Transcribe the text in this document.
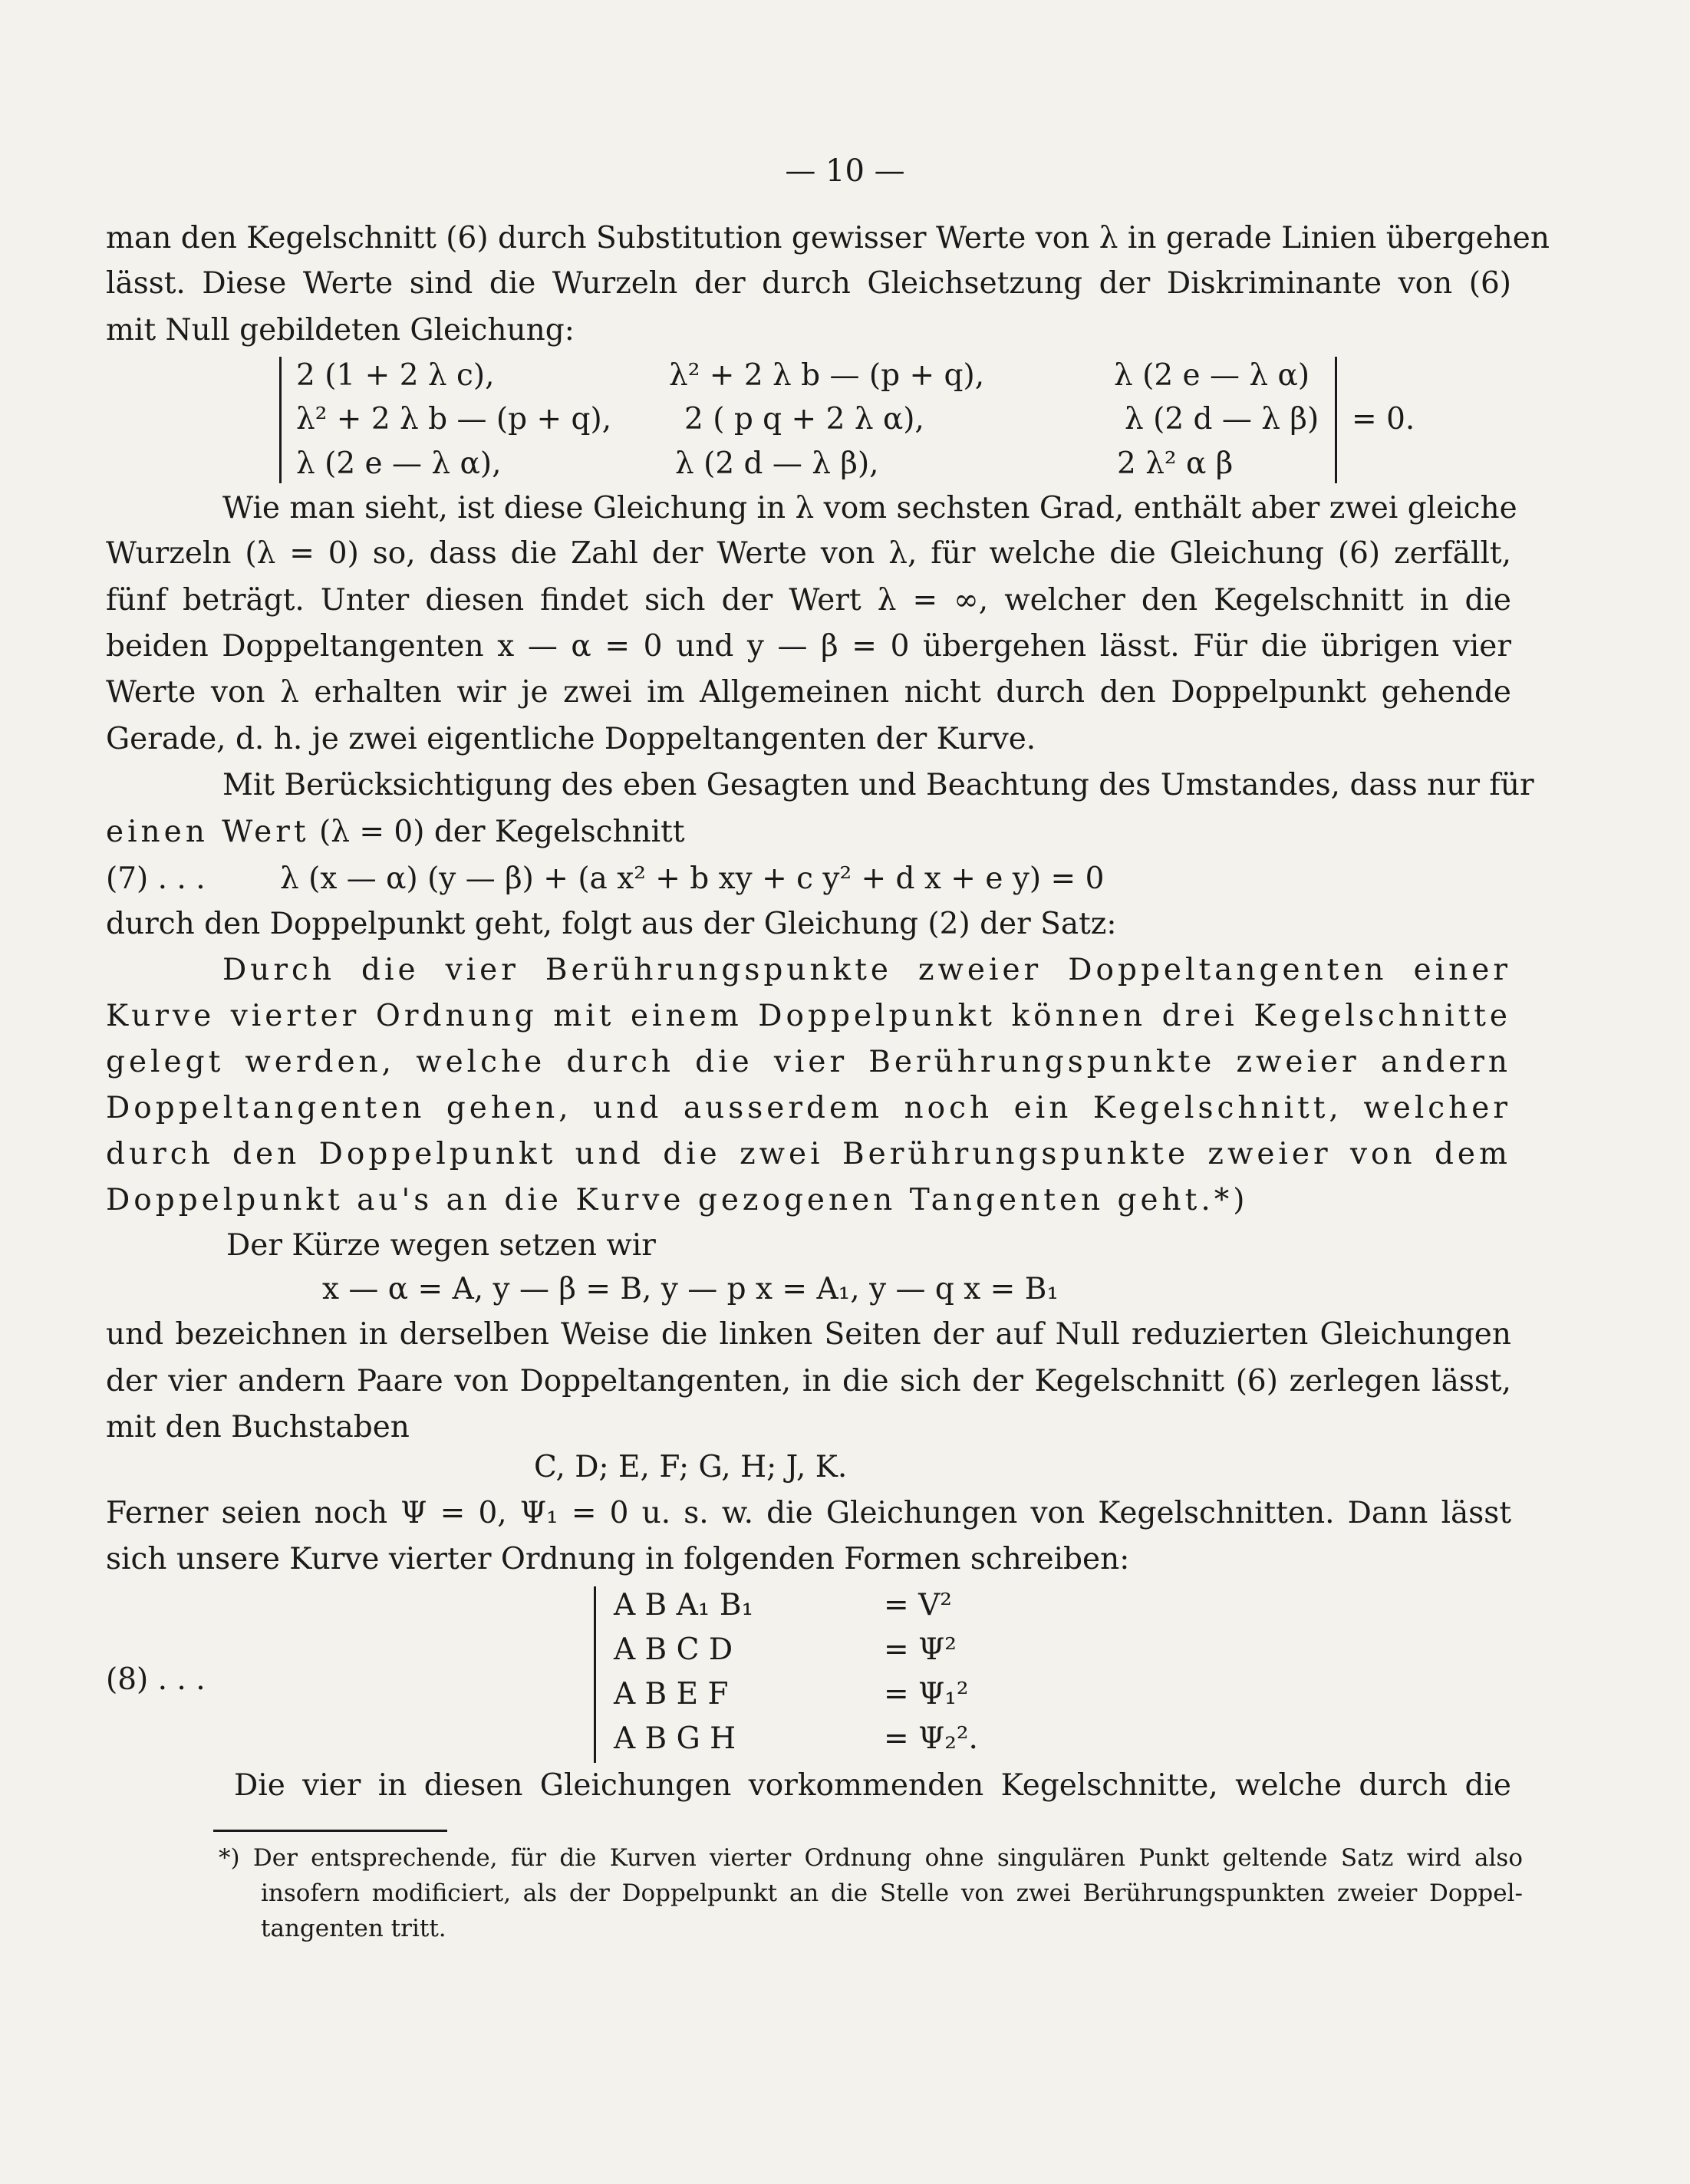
— 10 —
man den Kegelschnitt (6) durch Substitution gewisser Werte von λ in gerade Linien übergehen
lässt. Diese Werte sind die Wurzeln der durch Gleichsetzung der Diskriminante von (6)
mit Null gebildeten Gleichung:
2 (1 + 2 λ c),	λ² + 2 λ b — (p + q),	λ (2 e — λ α)
λ² + 2 λ b — (p + q), 2 ( p q + 2 λ α),	λ (2 d — λ β) = 0.
λ (2 e — λ α),	λ (2 d — λ β),	2 λ² α β
Wie man sieht, ist diese Gleichung in λ vom sechsten Grad, enthält aber zwei gleiche
Wurzeln (λ = 0) so, dass die Zahl der Werte von λ, für welche die Gleichung (6) zerfällt,
fünf beträgt. Unter diesen findet sich der Wert λ = ∞, welcher den Kegelschnitt in die
beiden Doppeltangenten x — α = 0 und y — β = 0 übergehen lässt. Für die übrigen vier
Werte von λ erhalten wir je zwei im Allgemeinen nicht durch den Doppelpunkt gehende
Gerade, d. h. je zwei eigentliche Doppeltangenten der Kurve.
Mit Berücksichtigung des eben Gesagten und Beachtung des Umstandes, dass nur für
einen Wert (λ = 0) der Kegelschnitt
(7) . . . λ (x — α) (y — β) + (a x² + b xy + c y² + d x + e y) = 0
durch den Doppelpunkt geht, folgt aus der Gleichung (2) der Satz:
Durch die vier Berührungspunkte zweier Doppeltangenten einer
Kurve vierter Ordnung mit einem Doppelpunkt können drei Kegelschnitte
gelegt werden, welche durch die vier Berührungspunkte zweier andern
Doppeltangenten gehen, und ausserdem noch ein Kegelschnitt, welcher
durch den Doppelpunkt und die zwei Berührungspunkte zweier von dem
Doppelpunkt au's an die Kurve gezogenen Tangenten geht.*)
Der Kürze wegen setzen wir
x — α = A, y — β = B, y — p x = A₁, y — q x = B₁
und bezeichnen in derselben Weise die linken Seiten der auf Null reduzierten Gleichungen
der vier andern Paare von Doppeltangenten, in die sich der Kegelschnitt (6) zerlegen lässt,
mit den Buchstaben
C, D; E, F; G, H; J, K.
Ferner seien noch Ψ = 0, Ψ₁ = 0 u. s. w. die Gleichungen von Kegelschnitten. Dann lässt
sich unsere Kurve vierter Ordnung in folgenden Formen schreiben:
(8) . . .
A B A₁ B₁	= V²
A B C D	= Ψ²
A B E F	= Ψ₁²
A B G H	= Ψ₂².
Die vier in diesen Gleichungen vorkommenden Kegelschnitte, welche durch die
*) Der entsprechende, für die Kurven vierter Ordnung ohne singulären Punkt geltende Satz wird also
insofern modificiert, als der Doppelpunkt an die Stelle von zwei Berührungspunkten zweier Doppel-
tangenten tritt.
